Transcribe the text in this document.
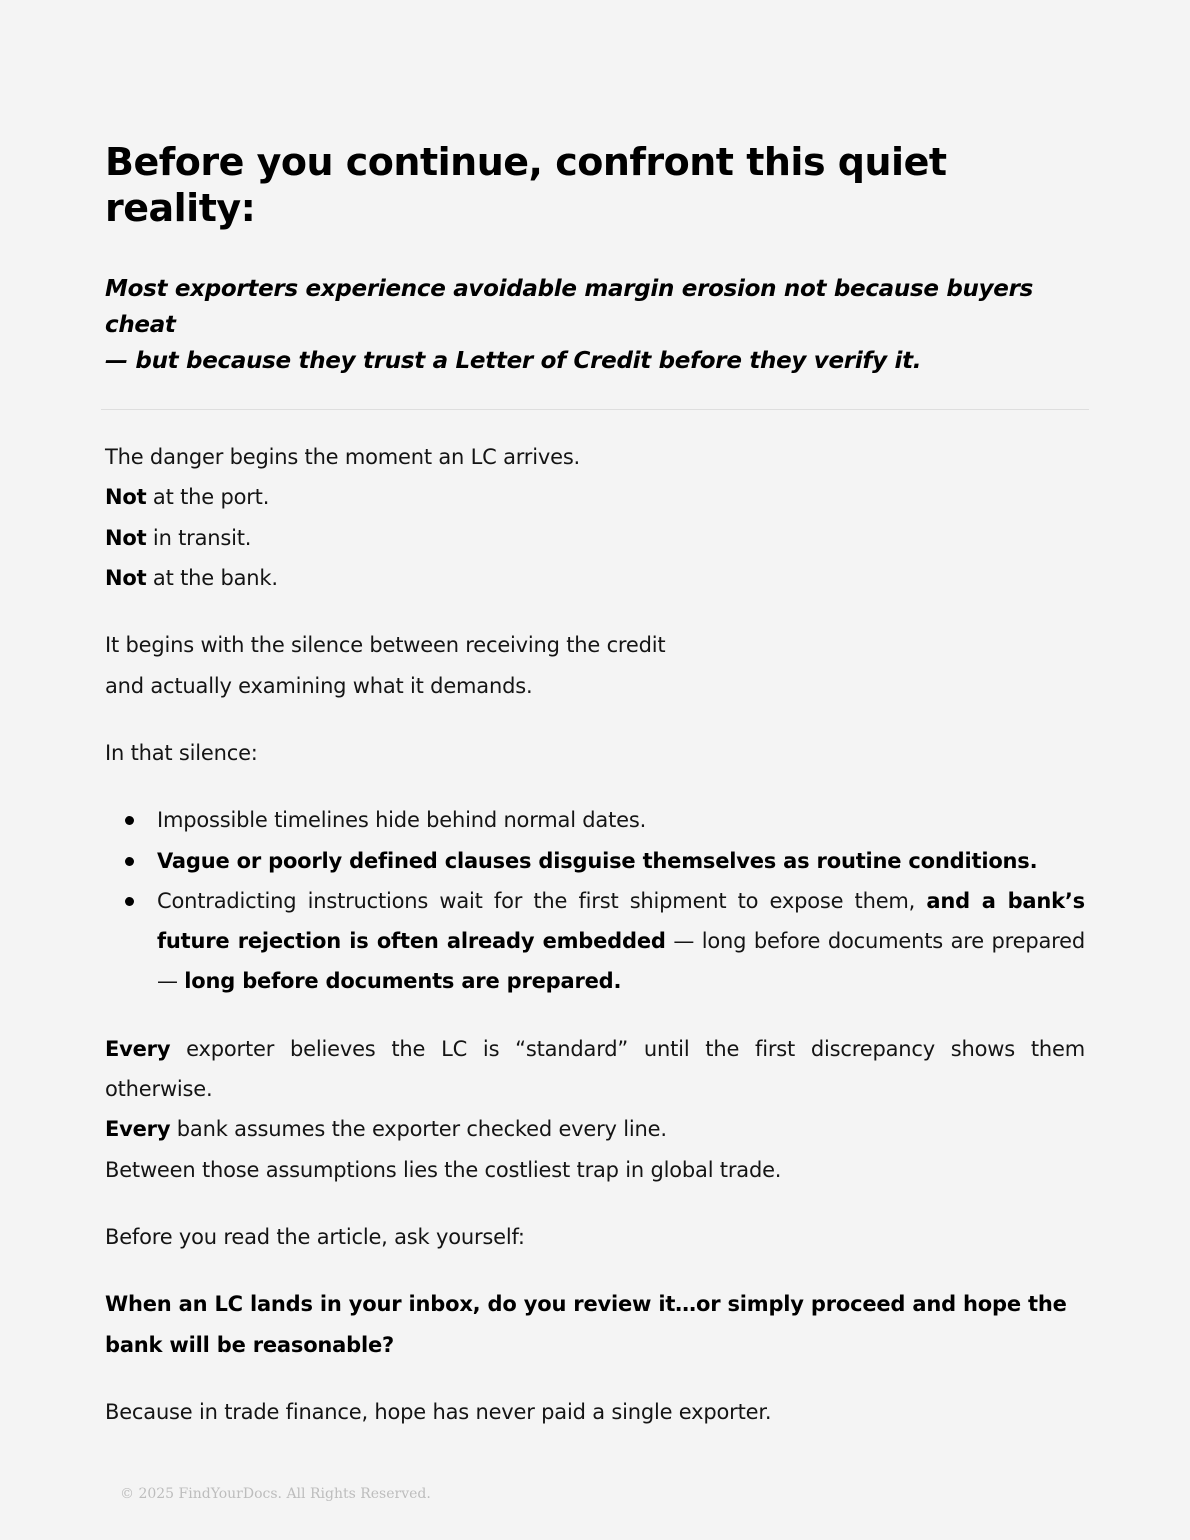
Before you continue, confront this quiet reality:
Most exporters experience avoidable margin erosion not because buyers cheat
— but because they trust a Letter of Credit before they verify it.

The danger begins the moment an LC arrives.
Not at the port.
Not in transit.
Not at the bank.

It begins with the silence between receiving the credit
and actually examining what it demands.

In that silence:

Impossible timelines hide behind normal dates.
Vague or poorly defined clauses disguise themselves as routine conditions.
Contradicting instructions wait for the first shipment to expose them, and a bank’s future rejection is often already embedded — long before documents are prepared — long before documents are prepared.

Every exporter believes the LC is “standard” until the first discrepancy shows them otherwise.
Every bank assumes the exporter checked every line.
Between those assumptions lies the costliest trap in global trade.

Before you read the article, ask yourself:

When an LC lands in your inbox, do you review it…or simply proceed and hope the bank will be reasonable?

Because in trade finance, hope has never paid a single exporter.

© 2025 FindYourDocs. All Rights Reserved.
